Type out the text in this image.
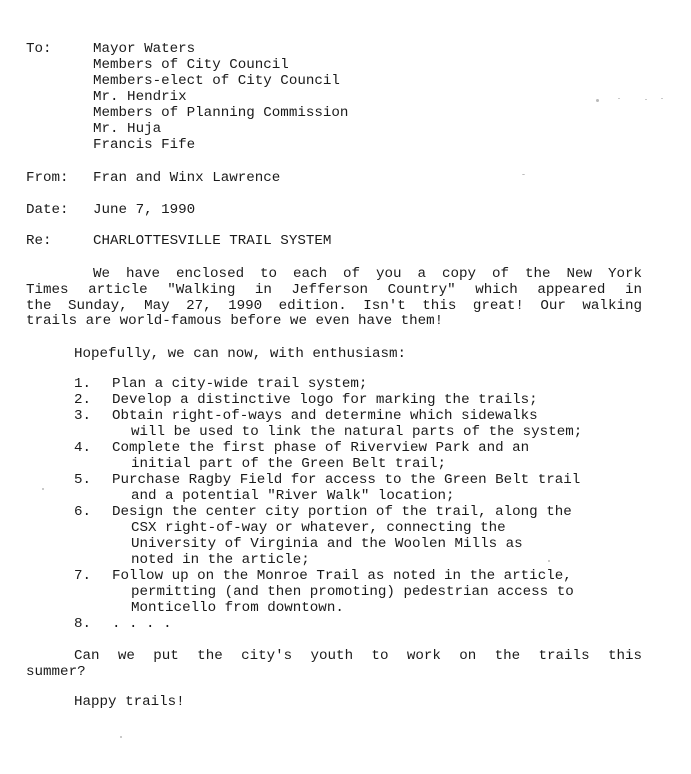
To:	Mayor Waters
Members of City Council
Members-elect of City Council
Mr. Hendrix
Members of Planning Commission
Mr. Huja
Francis Fife
From: Fran and Winx Lawrence
Date: June 7, 1990
Re:	CHARLOTTESVILLE TRAIL SYSTEM
We have enclosed to each of you a copy of the New York
Times article "Walking in Jefferson Country" which appeared in
the Sunday, May 27, 1990 edition. Isn't this great! Our walking
trails are world-famous before we even have them!
Hopefully, we can now, with enthusiasm:
1. Plan a city-wide trail system;
2. Develop a distinctive logo for marking the trails;
3. Obtain right-of-ways and determine which sidewalks
will be used to link the natural parts of the system;
4. Complete the first phase of Riverview Park and an
initial part of the Green Belt trail;
5. Purchase Ragby Field for access to the Green Belt trail
and a potential "River Walk" location;
6. Design the center city portion of the trail, along the
CSX right-of-way or whatever, connecting the
University of Virginia and the Woolen Mills as
noted in the article;
7. Follow up on the Monroe Trail as noted in the article,
permitting (and then promoting) pedestrian access to
Monticello from downtown.
8. . . . .
Can we put the city's youth to work on the trails this
summer?
Happy trails!
